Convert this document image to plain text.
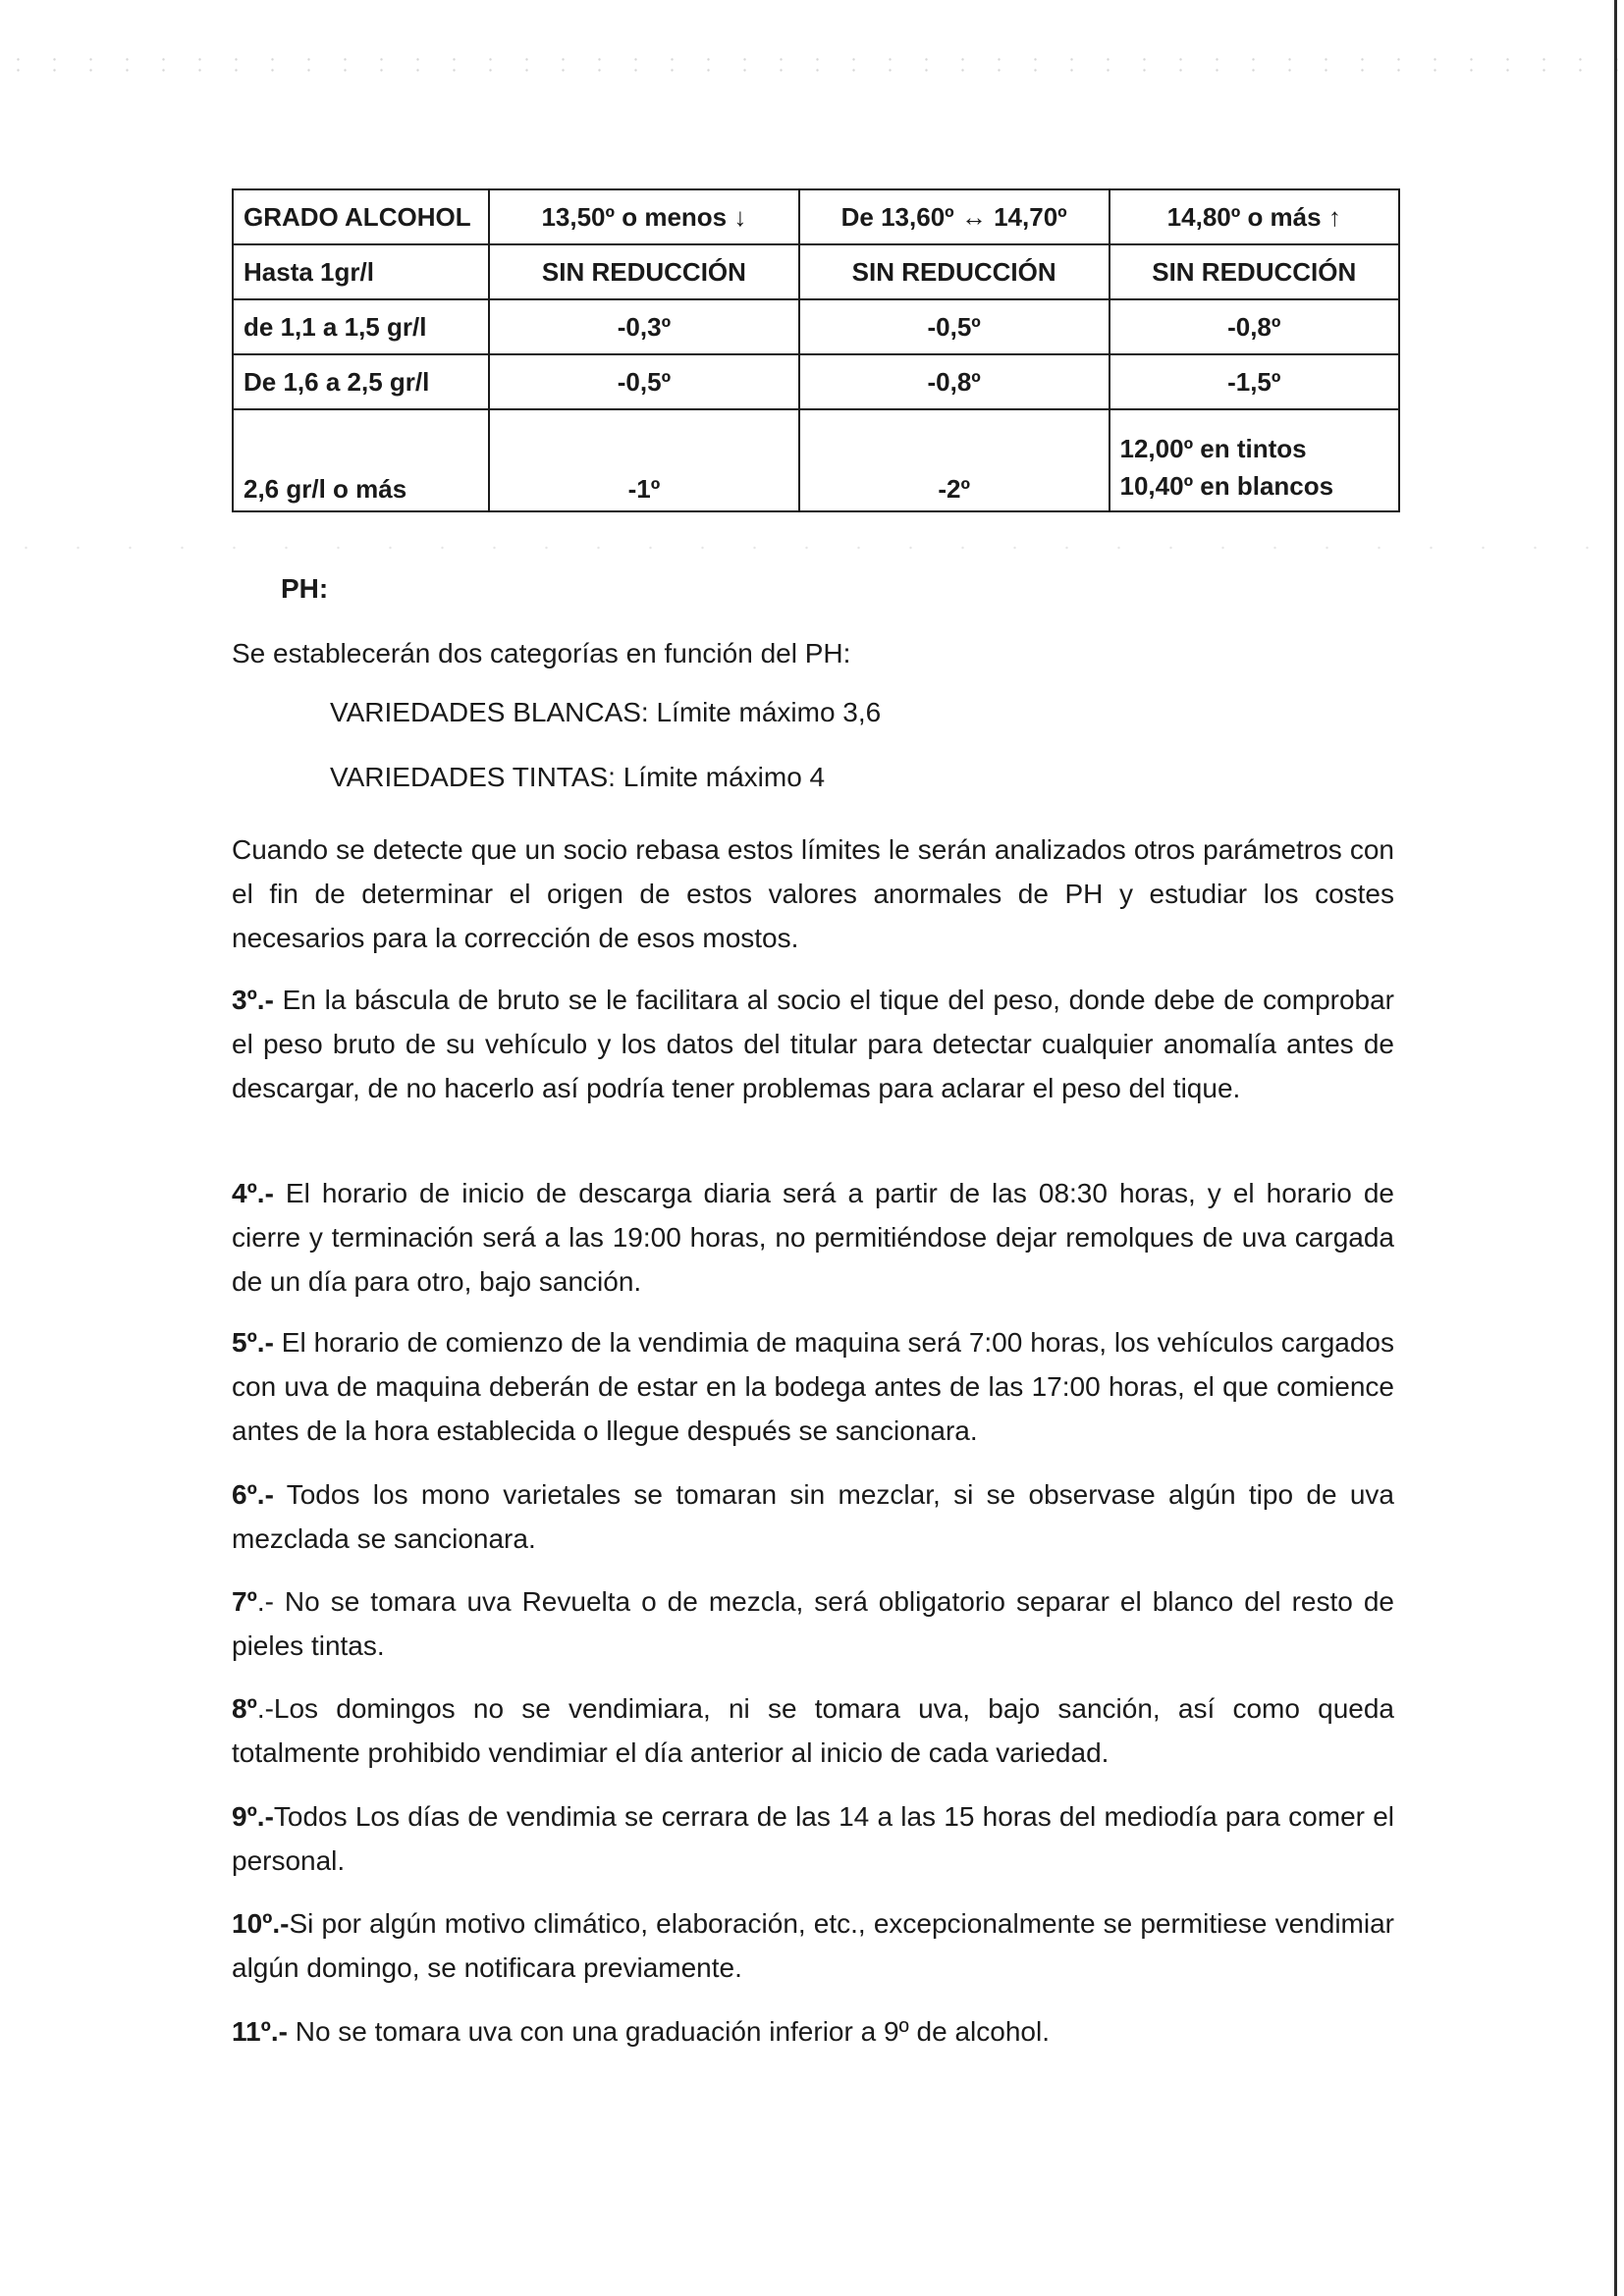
GRADO ALCOHOL	13,50º o menos ↓	De 13,60º ↔ 14,70º	14,80º o más ↑
Hasta 1gr/l	SIN REDUCCIÓN	SIN REDUCCIÓN	SIN REDUCCIÓN
de 1,1 a 1,5 gr/l	-0,3º	-0,5º	-0,8º
De 1,6 a 2,5 gr/l	-0,5º	-0,8º	-1,5º
2,6 gr/l o más	-1º	-2º	12,00º en tintos
10,40º en blancos
PH:
Se establecerán dos categorías en función del PH:
VARIEDADES BLANCAS: Límite máximo 3,6
VARIEDADES TINTAS: Límite máximo 4
Cuando se detecte que un socio rebasa estos límites le serán analizados otros parámetros con el fin de determinar el origen de estos valores anormales de PH y estudiar los costes necesarios para la corrección de esos mostos.
3º.- En la báscula de bruto se le facilitara al socio el tique del peso, donde debe de comprobar el peso bruto de su vehículo y los datos del titular para detectar cualquier anomalía antes de descargar, de no hacerlo así podría tener problemas para aclarar el peso del tique.
4º.- El horario de inicio de descarga diaria será a partir de las 08:30 horas, y el horario de cierre y terminación será a las 19:00 horas, no permitiéndose dejar remolques de uva cargada de un día para otro, bajo sanción.
5º.- El horario de comienzo de la vendimia de maquina será 7:00 horas, los vehículos cargados con uva de maquina deberán de estar en la bodega antes de las 17:00 horas, el que comience antes de la hora establecida o llegue después se sancionara.
6º.- Todos los mono varietales se tomaran sin mezclar, si se observase algún tipo de uva mezclada se sancionara.
7º.- No se tomara uva Revuelta o de mezcla, será obligatorio separar el blanco del resto de pieles tintas.
8º.-Los domingos no se vendimiara, ni se tomara uva, bajo sanción, así como queda totalmente prohibido vendimiar el día anterior al inicio de cada variedad.
9º.-Todos Los días de vendimia se cerrara de las 14 a las 15 horas del mediodía para comer el personal.
10º.-Si por algún motivo climático, elaboración, etc., excepcionalmente se permitiese vendimiar algún domingo, se notificara previamente.
11º.- No se tomara uva con una graduación inferior a 9º de alcohol.
